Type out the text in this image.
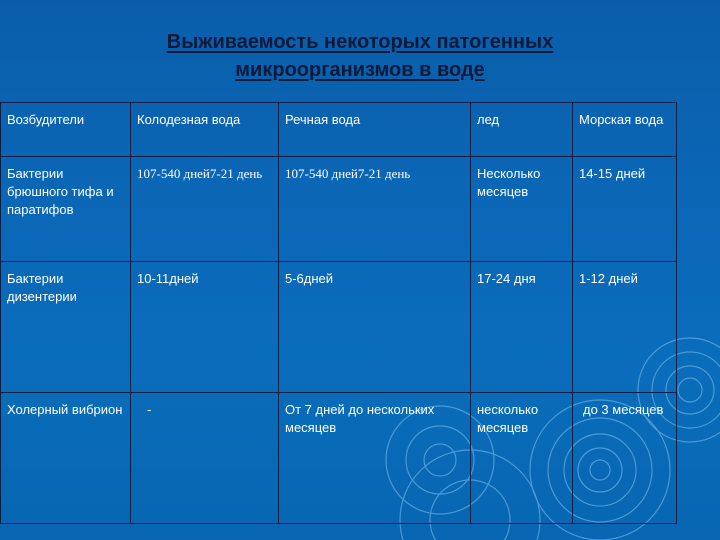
Выживаемость некоторых патогенных
микроорганизмов в воде
Возбудители	Колодезная вода	Речная вода	лед	Морская вода
Бактерии брюшного тифа и паратифов	107-540 дней7-21 день	107-540 дней7-21 день	Несколько месяцев	14-15 дней
Бактерии дизентерии	10-11дней	5-6дней	17-24 дня	1-12 дней
Холерный вибрион	-	От 7 дней до нескольких месяцев	несколько месяцев	до 3 месяцев
